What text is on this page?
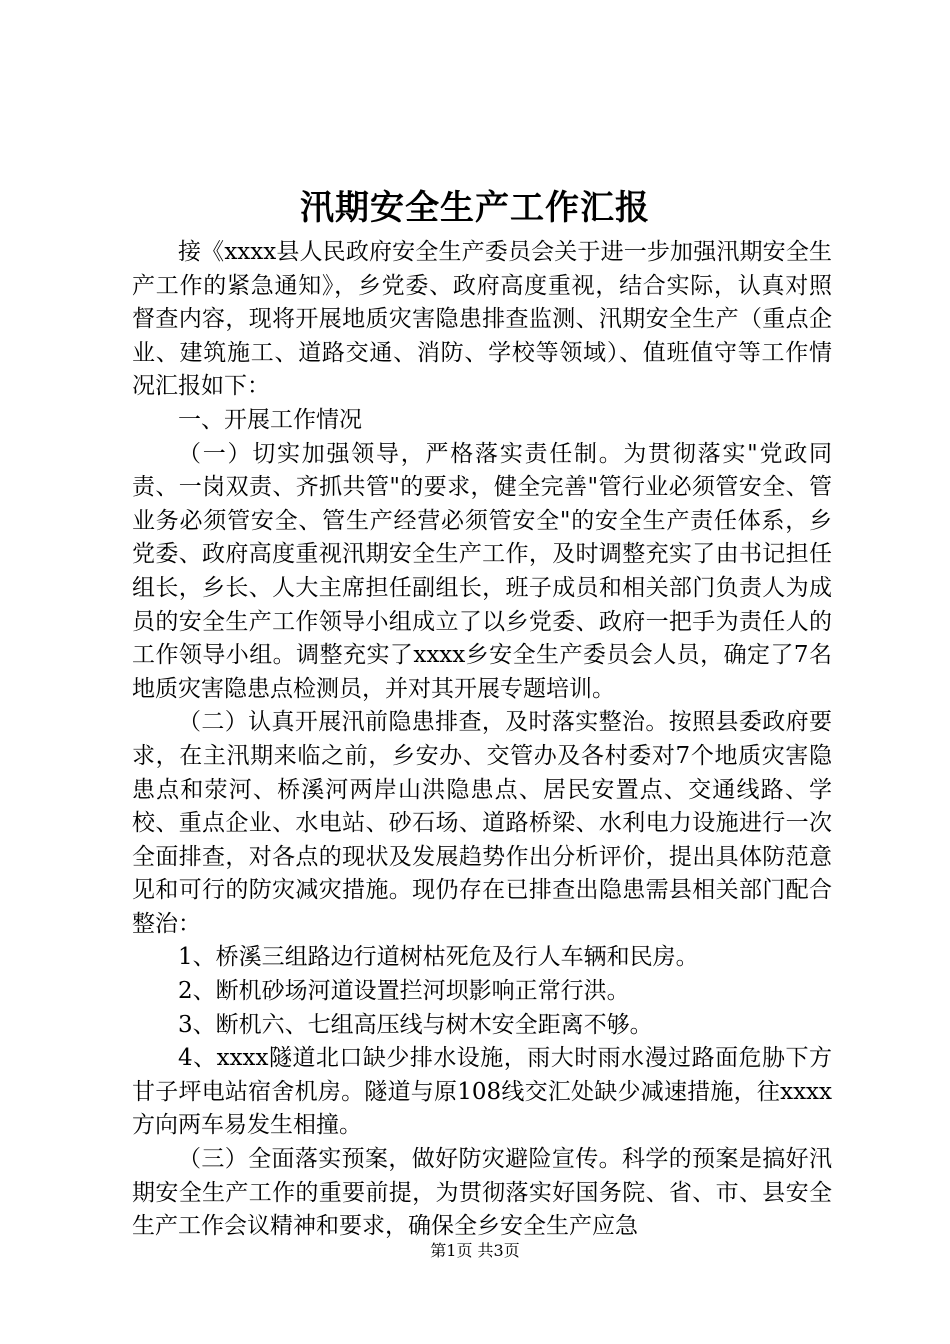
汛期安全生产工作汇报

接《xxxx县人民政府安全生产委员会关于进一步加强汛期安全生产工作的紧急通知》，乡党委、政府高度重视，结合实际，认真对照督查内容，现将开展地质灾害隐患排查监测、汛期安全生产（重点企业、建筑施工、道路交通、消防、学校等领域）、值班值守等工作情况汇报如下：

一、开展工作情况

（一）切实加强领导，严格落实责任制。为贯彻落实"党政同责、一岗双责、齐抓共管"的要求，健全完善"管行业必须管安全、管业务必须管安全、管生产经营必须管安全"的安全生产责任体系，乡党委、政府高度重视汛期安全生产工作，及时调整充实了由书记担任组长，乡长、人大主席担任副组长，班子成员和相关部门负责人为成员的安全生产工作领导小组成立了以乡党委、政府一把手为责任人的工作领导小组。调整充实了xxxx乡安全生产委员会人员，确定了7名地质灾害隐患点检测员，并对其开展专题培训。

（二）认真开展汛前隐患排查，及时落实整治。按照县委政府要求，在主汛期来临之前，乡安办、交管办及各村委对7个地质灾害隐患点和荥河、桥溪河两岸山洪隐患点、居民安置点、交通线路、学校、重点企业、水电站、砂石场、道路桥梁、水利电力设施进行一次全面排查，对各点的现状及发展趋势作出分析评价，提出具体防范意见和可行的防灾减灾措施。现仍存在已排查出隐患需县相关部门配合整治：

1、桥溪三组路边行道树枯死危及行人车辆和民房。

2、断机砂场河道设置拦河坝影响正常行洪。

3、断机六、七组高压线与树木安全距离不够。

4、xxxx隧道北口缺少排水设施，雨大时雨水漫过路面危胁下方甘子坪电站宿舍机房。隧道与原108线交汇处缺少减速措施，往xxxx方向两车易发生相撞。

（三）全面落实预案，做好防灾避险宣传。科学的预案是搞好汛期安全生产工作的重要前提，为贯彻落实好国务院、省、市、县安全生产工作会议精神和要求，确保全乡安全生产应急

第1页 共3页
